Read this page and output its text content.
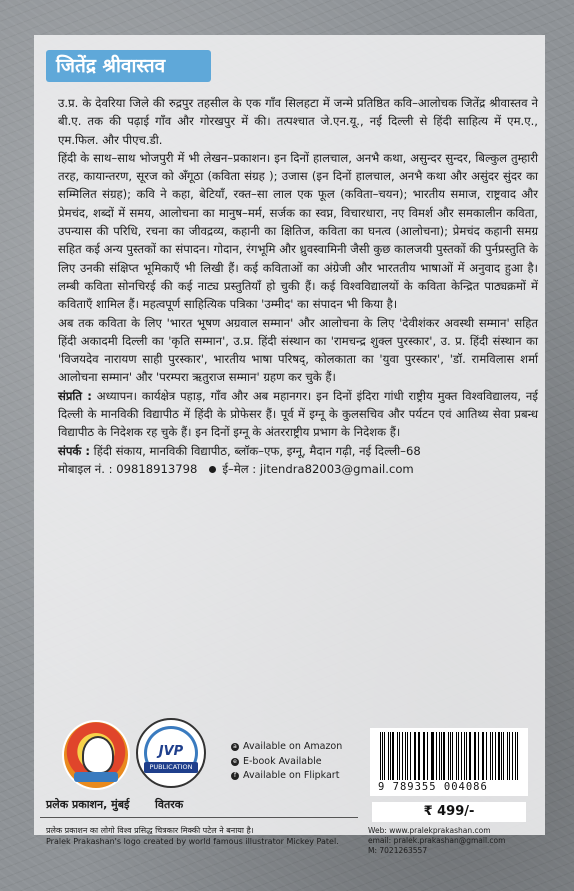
जितेंद्र श्रीवास्तव

उ.प्र. के देवरिया जिले की रुद्रपुर तहसील के एक गाँव सिलहटा में जन्मे प्रतिष्ठित कवि–आलोचक जितेंद्र श्रीवास्तव ने बी.ए. तक की पढ़ाई गाँव और गोरखपुर में की। तत्पश्चात जे.एन.यू., नई दिल्ली से हिंदी साहित्य में एम.ए., एम.फिल. और पीएच.डी.

हिंदी के साथ–साथ भोजपुरी में भी लेखन–प्रकाशन। इन दिनों हालचाल, अनभै कथा, असुन्दर सुन्दर, बिल्कुल तुम्हारी तरह, कायान्तरण, सूरज को अँगूठा (कविता संग्रह ); उजास (इन दिनों हालचाल, अनभै कथा और असुंदर सुंदर का सम्मिलित संग्रह); कवि ने कहा, बेटियाँ, रक्त–सा लाल एक फूल (कविता–चयन); भारतीय समाज, राष्ट्रवाद और प्रेमचंद, शब्दों में समय, आलोचना का मानुष–मर्म, सर्जक का स्वप्न, विचारधारा, नए विमर्श और समकालीन कविता, उपन्यास की परिधि, रचना का जीवद्रव्य, कहानी का क्षितिज, कविता का घनत्व (आलोचना); प्रेमचंद कहानी समग्र सहित कई अन्य पुस्तकों का संपादन। गोदान, रंगभूमि और ध्रुवस्वामिनी जैसी कुछ कालजयी पुस्तकों की पुर्नप्रस्तुति के लिए उनकी संक्षिप्त भूमिकाएँ भी लिखी हैं। कई कविताओं का अंग्रेजी और भारततीय भाषाओं में अनुवाद हुआ है। लम्बी कविता सोनचिरई की कई नाट्य प्रस्तुतियाँ हो चुकी हैं। कई विश्वविद्यालयों के कविता केन्द्रित पाठ्यक्रमों में कविताएँ शामिल हैं। महत्वपूर्ण साहित्यिक पत्रिका 'उम्मीद' का संपादन भी किया है।

अब तक कविता के लिए 'भारत भूषण अग्रवाल सम्मान' और आलोचना के लिए 'देवीशंकर अवस्थी सम्मान' सहित हिंदी अकादमी दिल्ली का 'कृति सम्मान', उ.प्र. हिंदी संस्थान का 'रामचन्द्र शुक्ल पुरस्कार', उ. प्र. हिंदी संस्थान का 'विजयदेव नारायण साही पुरस्कार', भारतीय भाषा परिषद्, कोलकाता का 'युवा पुरस्कार', 'डॉ. रामविलास शर्मा आलोचना सम्मान' और 'परम्परा ऋतुराज सम्मान' ग्रहण कर चुके हैं।

संप्रति : अध्यापन। कार्यक्षेत्र पहाड़, गाँव और अब महानगर। इन दिनों इंदिरा गांधी राष्ट्रीय मुक्त विश्वविद्यालय, नई दिल्ली के मानविकी विद्यापीठ में हिंदी के प्रोफेसर हैं। पूर्व में इग्नू के कुलसचिव और पर्यटन एवं आतिथ्य सेवा प्रबन्ध विद्यापीठ के निदेशक रह चुके हैं। इन दिनों इग्नू के अंतरराष्ट्रीय प्रभाग के निदेशक हैं।

संपर्क : हिंदी संकाय, मानविकी विद्यापीठ, ब्लॉक–एफ, इग्नू, मैदान गढ़ी, नई दिल्ली–68

मोबाइल नं. : 09818913798 ई–मेल : jitendra82003@gmail.com

JVP
PUBLICATION
प्रलेक प्रकाशन, मुंबई वितरक
a Available on Amazon
e E-book Available
f Available on Flipkart
9 789355 004086
₹ 499/-
प्रलेक प्रकाशन का लोगो विश्व प्रसिद्ध चित्रकार मिक्की पटेल ने बनाया है।
Pralek Prakashan's logo created by world famous illustrator Mickey Patel.
Web: www.pralekprakashan.com
email: pralek.prakashan@gmail.com
M: 7021263557
